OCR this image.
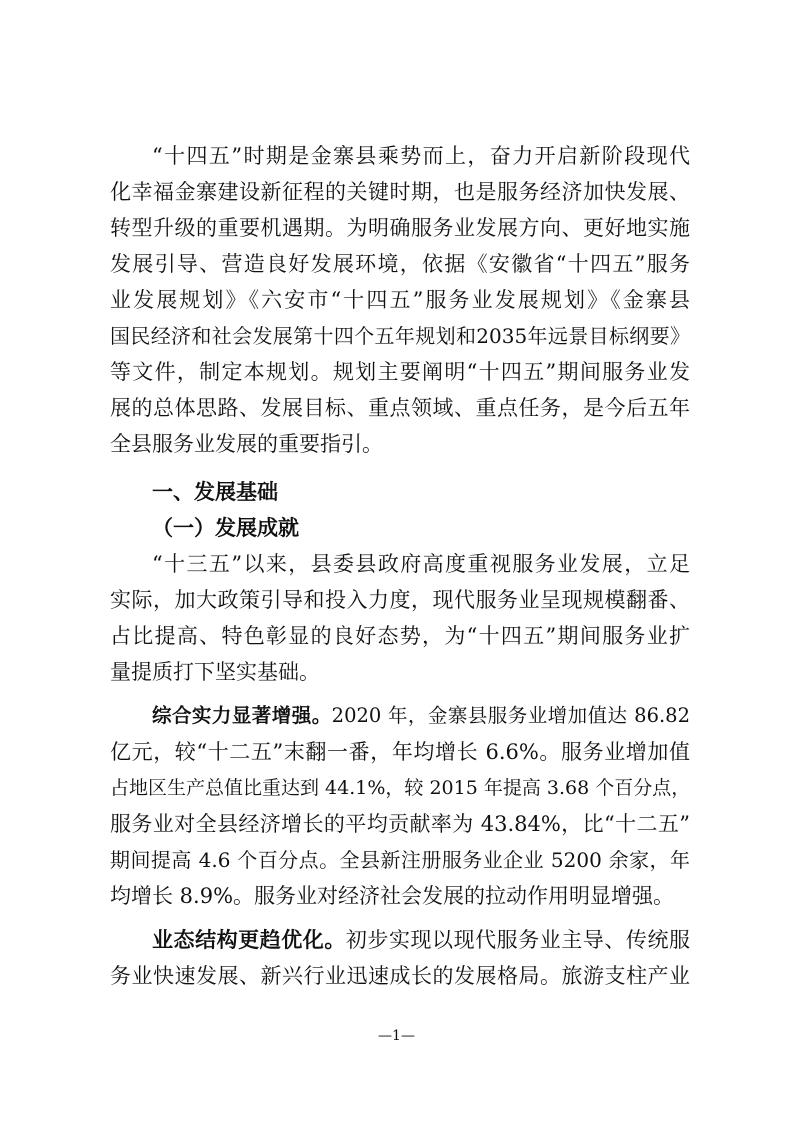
“十四五”时期是金寨县乘势而上，奋力开启新阶段现代
化幸福金寨建设新征程的关键时期，也是服务经济加快发展、
转型升级的重要机遇期。为明确服务业发展方向、更好地实施
发展引导、营造良好发展环境，依据《安徽省“十四五”服务
业发展规划》《六安市“十四五”服务业发展规划》《金寨县
国民经济和社会发展第十四个五年规划和2035年远景目标纲要》
等文件，制定本规划。规划主要阐明“十四五”期间服务业发
展的总体思路、发展目标、重点领域、重点任务，是今后五年
全县服务业发展的重要指引。
一、发展基础
（一）发展成就
“十三五”以来，县委县政府高度重视服务业发展，立足
实际，加大政策引导和投入力度，现代服务业呈现规模翻番、
占比提高、特色彰显的良好态势，为“十四五”期间服务业扩
量提质打下坚实基础。
综合实力显著增强。2020 年，金寨县服务业增加值达 86.82
亿元，较“十二五”末翻一番，年均增长 6.6%。服务业增加值
占地区生产总值比重达到 44.1%，较 2015 年提高 3.68 个百分点，
服务业对全县经济增长的平均贡献率为 43.84%，比“十二五”
期间提高 4.6 个百分点。全县新注册服务业企业 5200 余家，年
均增长 8.9%。服务业对经济社会发展的拉动作用明显增强。
业态结构更趋优化。初步实现以现代服务业主导、传统服
务业快速发展、新兴行业迅速成长的发展格局。旅游支柱产业
—1—
